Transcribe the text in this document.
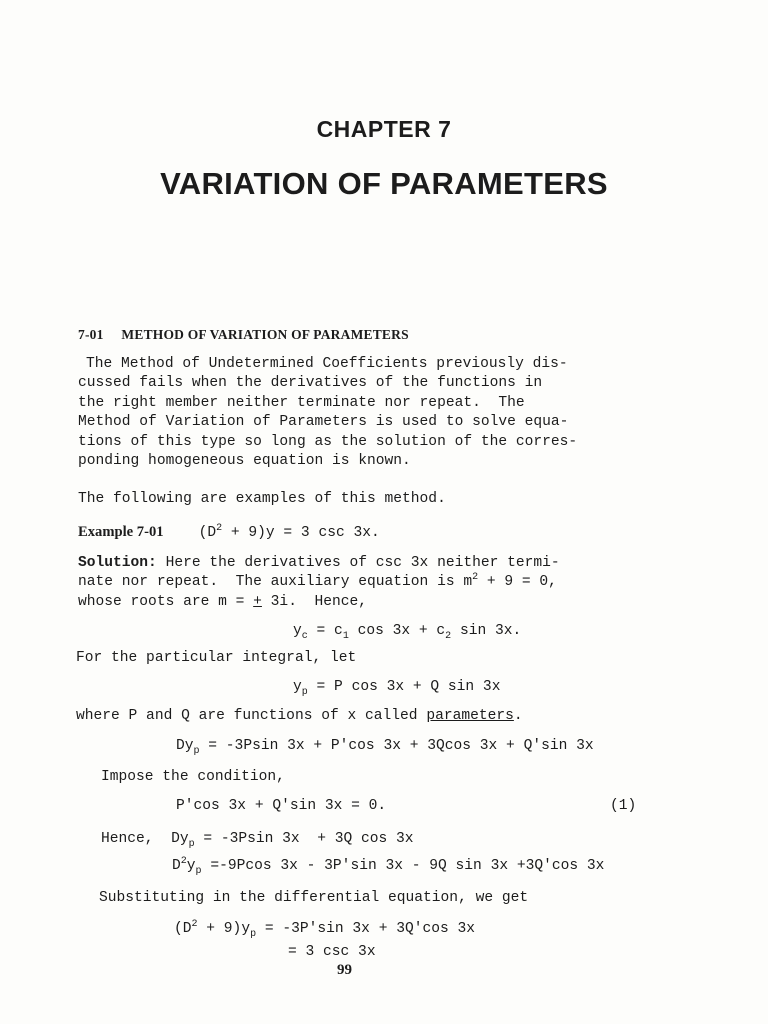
CHAPTER 7
VARIATION OF PARAMETERS
7-01 METHOD OF VARIATION OF PARAMETERS
The Method of Undetermined Coefficients previously dis-
cussed fails when the derivatives of the functions in
the right member neither terminate nor repeat.  The
Method of Variation of Parameters is used to solve equa-
tions of this type so long as the solution of the corres-
ponding homogeneous equation is known.
The following are examples of this method.
Example 7-01 $(D^2 + 9)y = 3$ csc 3x.
Solution: Here the derivatives of csc 3x neither termi-
nate nor repeat.  The auxiliary equation is $m^2 + 9 = 0$,
whose roots are m = + 3i.  Hence,
$y_c = c_1$ $\cos 3x + c_2$ sin 3x.
For the particular integral, let
$y_p = P$ cos 3x + Q sin 3x
where P and Q are functions of x called parameters.
$Dy_p = -3Psin$ 3x + P'cos 3x + 3Qcos 3x + Q'sin 3x
Impose the condition,
P'cos 3x + Q'sin 3x = 0.	(1)
Hence, $Dy_p = -3Psin$ 3x  + 3Q cos 3x
$D^2y_p =-9Pcos$ 3x - 3P'sin 3x - 9Q sin 3x +3Q'cos 3x
Substituting in the differential equation, we get
$(D^2 + 9)y_p = -3P'\sin$ 3x + 3Q'cos 3x
= 3 csc 3x
99
